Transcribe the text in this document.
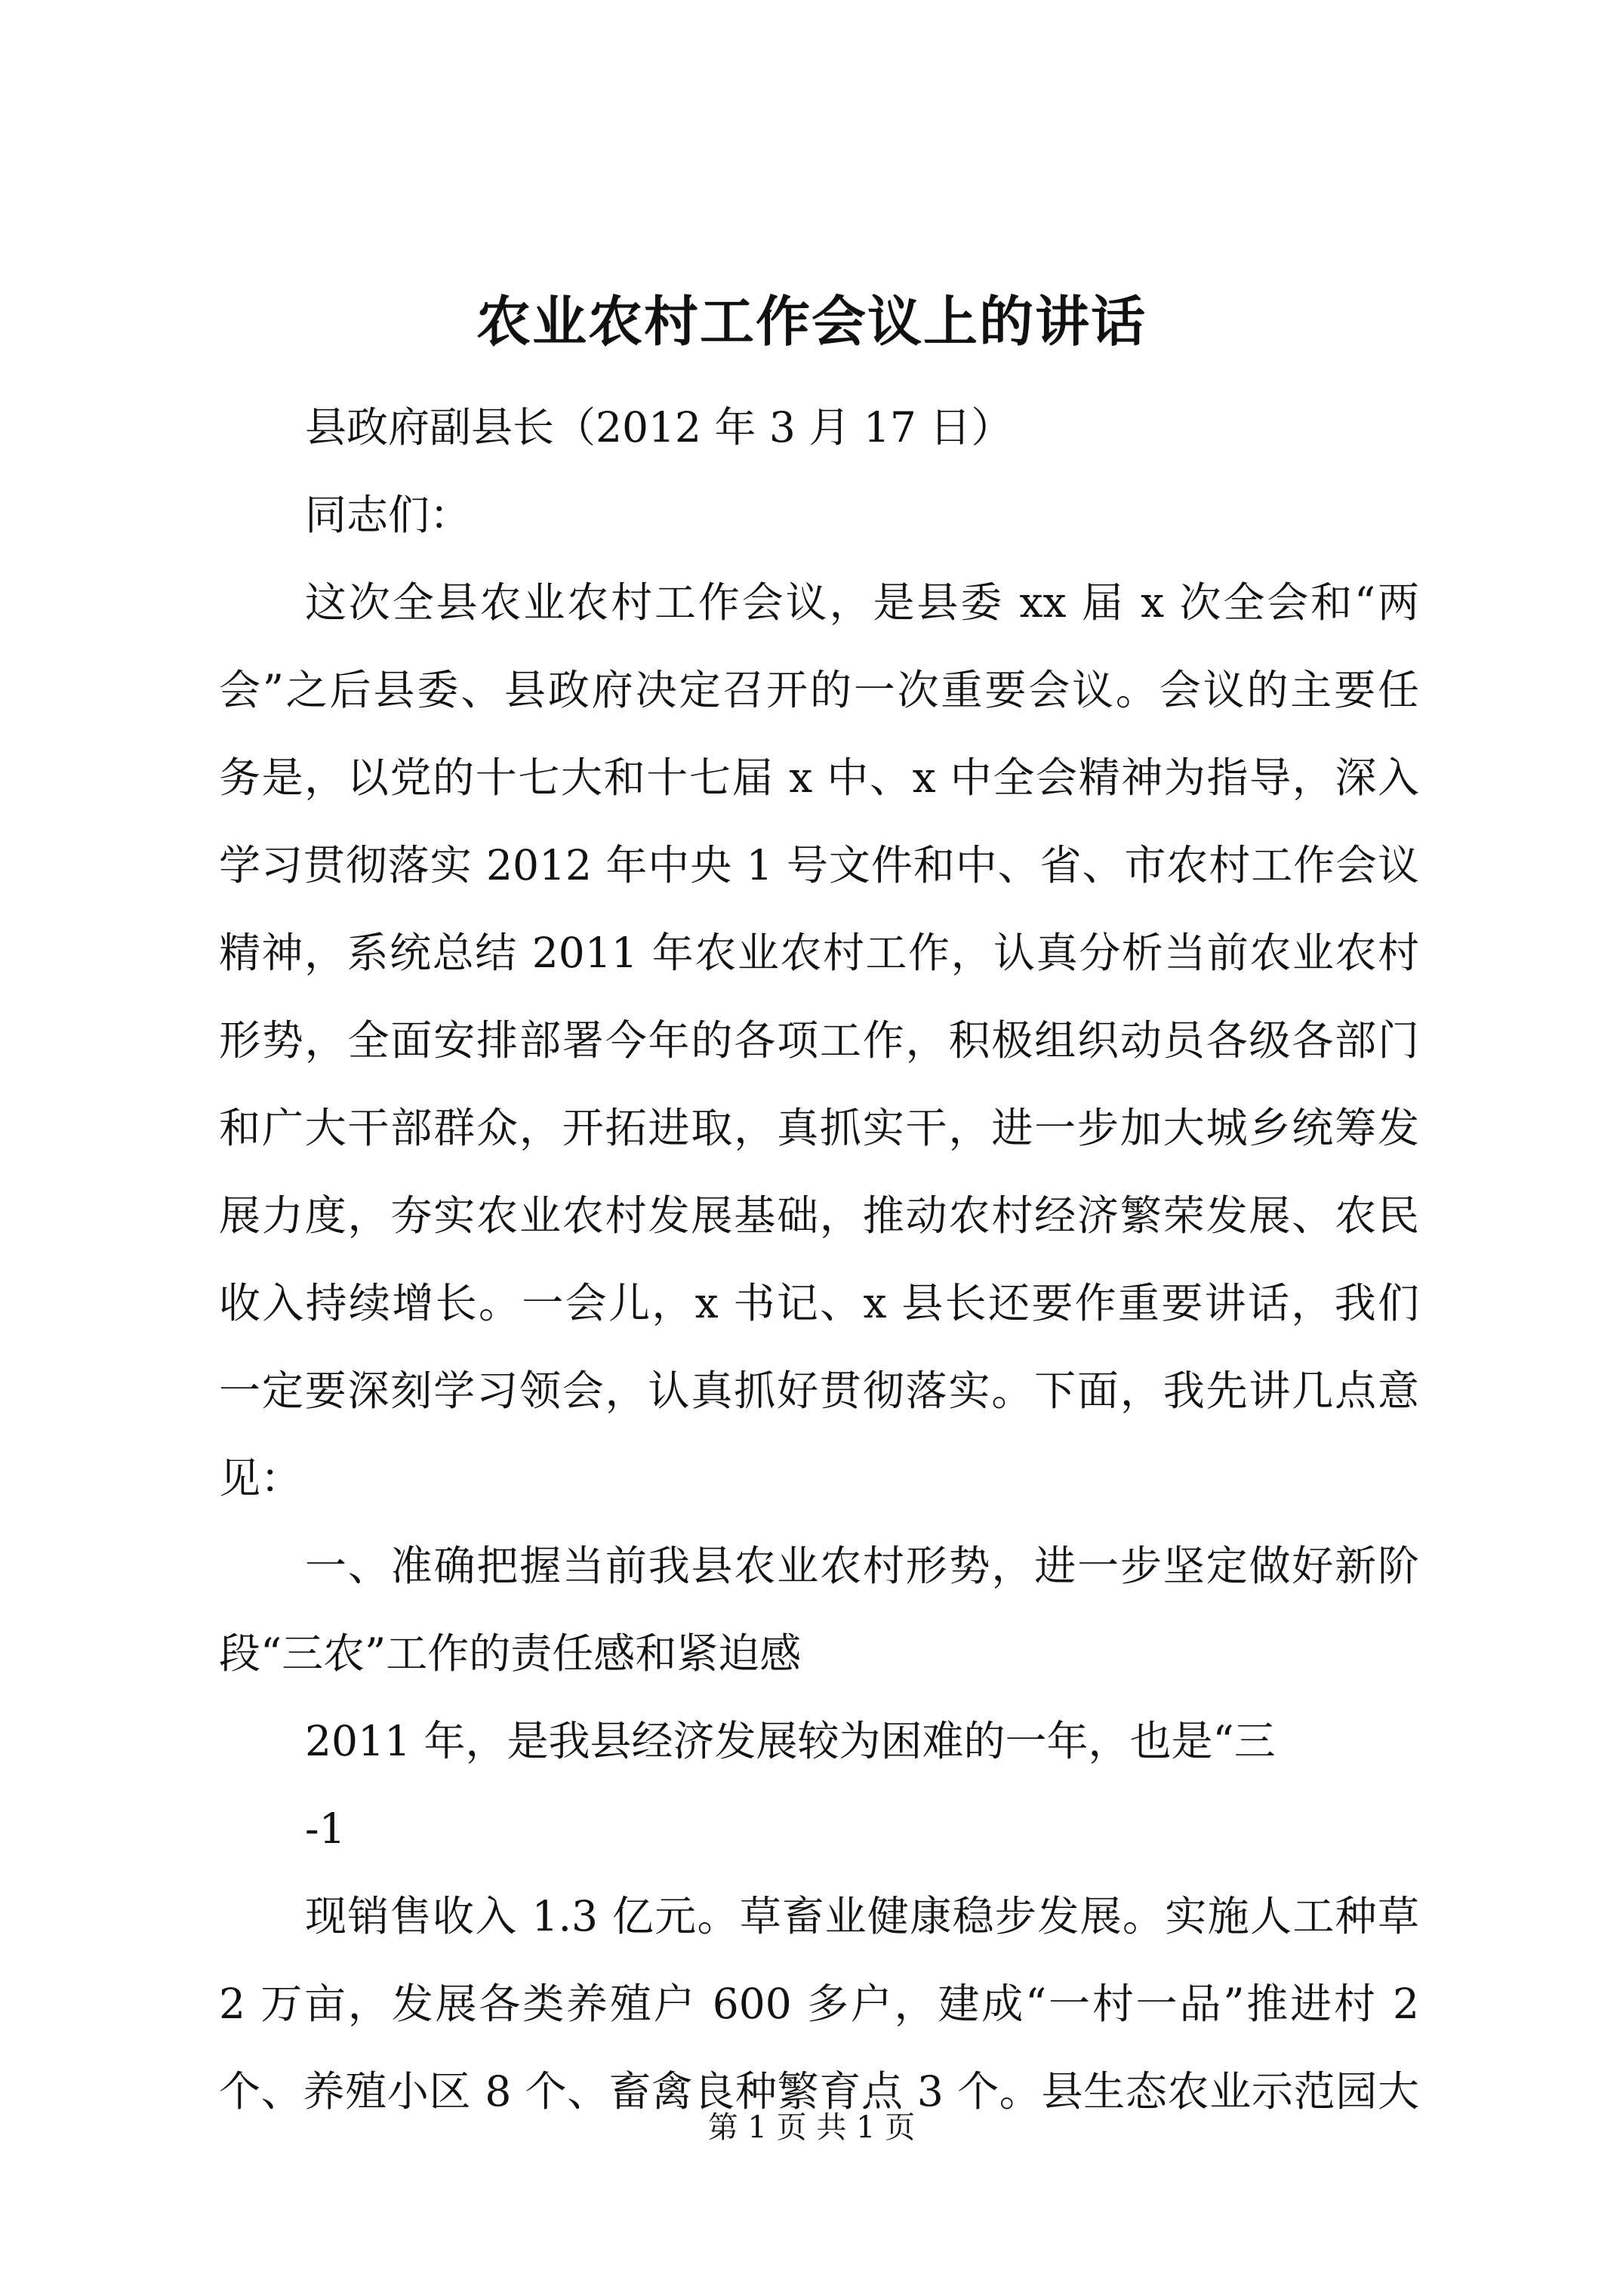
农业农村工作会议上的讲话
县政府副县长（2012 年 3 月 17 日）
同志们：
这次全县农业农村工作会议，是县委 xx 届 x 次全会和“两
会”之后县委、县政府决定召开的一次重要会议。会议的主要任
务是，以党的十七大和十七届 x 中、x 中全会精神为指导，深入
学习贯彻落实 2012 年中央 1 号文件和中、省、市农村工作会议
精神，系统总结 2011 年农业农村工作，认真分析当前农业农村
形势，全面安排部署今年的各项工作，积极组织动员各级各部门
和广大干部群众，开拓进取，真抓实干，进一步加大城乡统筹发
展力度，夯实农业农村发展基础，推动农村经济繁荣发展、农民
收入持续增长。一会儿，x 书记、x 县长还要作重要讲话，我们
一定要深刻学习领会，认真抓好贯彻落实。下面，我先讲几点意
见：
一、准确把握当前我县农业农村形势，进一步坚定做好新阶
段“三农”工作的责任感和紧迫感
2011 年，是我县经济发展较为困难的一年，也是“三
-1
现销售收入 1.3 亿元。草畜业健康稳步发展。实施人工种草
2 万亩，发展各类养殖户 600 多户，建成“一村一品”推进村 2
个、养殖小区 8 个、畜禽良种繁育点 3 个。县生态农业示范园大
第 1 页 共 1 页
